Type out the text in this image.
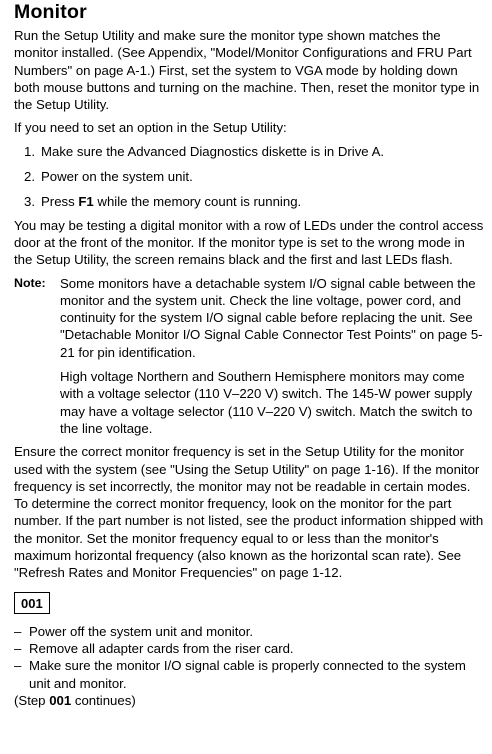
Monitor

Run the Setup Utility and make sure the monitor type shown matches the monitor installed. (See Appendix, "Model/Monitor Configurations and FRU Part Numbers" on page A-1.) First, set the system to VGA mode by holding down both mouse buttons and turning on the machine. Then, reset the monitor type in the Setup Utility.

If you need to set an option in the Setup Utility:

1. Make sure the Advanced Diagnostics diskette is in Drive A.
2. Power on the system unit.
3. Press F1 while the memory count is running.

You may be testing a digital monitor with a row of LEDs under the control access door at the front of the monitor. If the monitor type is set to the wrong mode in the Setup Utility, the screen remains black and the first and last LEDs flash.

Note:	Some monitors have a detachable system I/O signal cable between the monitor and the system unit. Check the line voltage, power cord, and continuity for the system I/O signal cable before replacing the unit. See "Detachable Monitor I/O Signal Cable Connector Test Points" on page 5-21 for pin identification.

High voltage Northern and Southern Hemisphere monitors may come with a voltage selector (110 V–220 V) switch. The 145-W power supply may have a voltage selector (110 V–220 V) switch. Match the switch to the line voltage.

Ensure the correct monitor frequency is set in the Setup Utility for the monitor used with the system (see "Using the Setup Utility" on page 1-16). If the monitor frequency is set incorrectly, the monitor may not be readable in certain modes. To determine the correct monitor frequency, look on the monitor for the part number. If the part number is not listed, see the product information shipped with the monitor. Set the monitor frequency equal to or less than the monitor's maximum horizontal frequency (also known as the horizontal scan rate). See "Refresh Rates and Monitor Frequencies" on page 1-12.

001
– Power off the system unit and monitor.
– Remove all adapter cards from the riser card.
– Make sure the monitor I/O signal cable is properly connected to the system unit and monitor.

(Step 001 continues)
